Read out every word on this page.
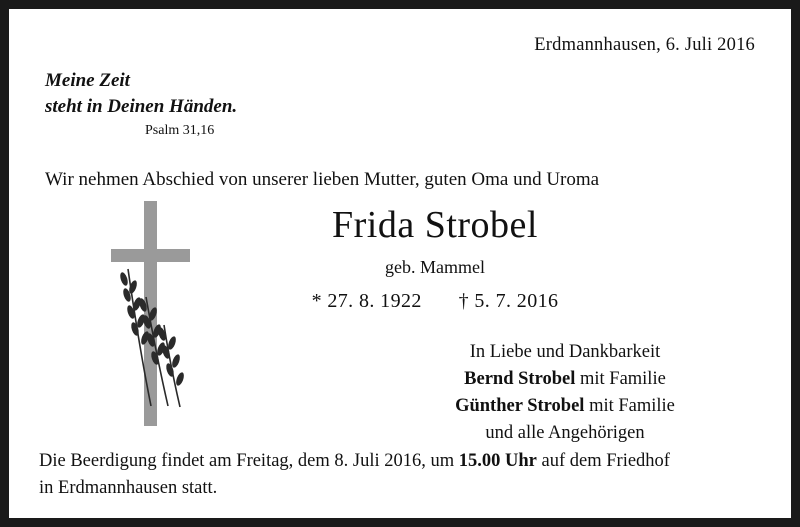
Erdmannhausen, 6. Juli 2016
Meine Zeit
steht in Deinen Händen.
Psalm 31,16
Wir nehmen Abschied von unserer lieben Mutter, guten Oma und Uroma
Frida Strobel
geb. Mammel
* 27. 8. 1922 † 5. 7. 2016
In Liebe und Dankbarkeit
Bernd Strobel mit Familie
Günther Strobel mit Familie
und alle Angehörigen
Die Beerdigung findet am Freitag, dem 8. Juli 2016, um 15.00 Uhr auf dem Friedhof
in Erdmannhausen statt.
